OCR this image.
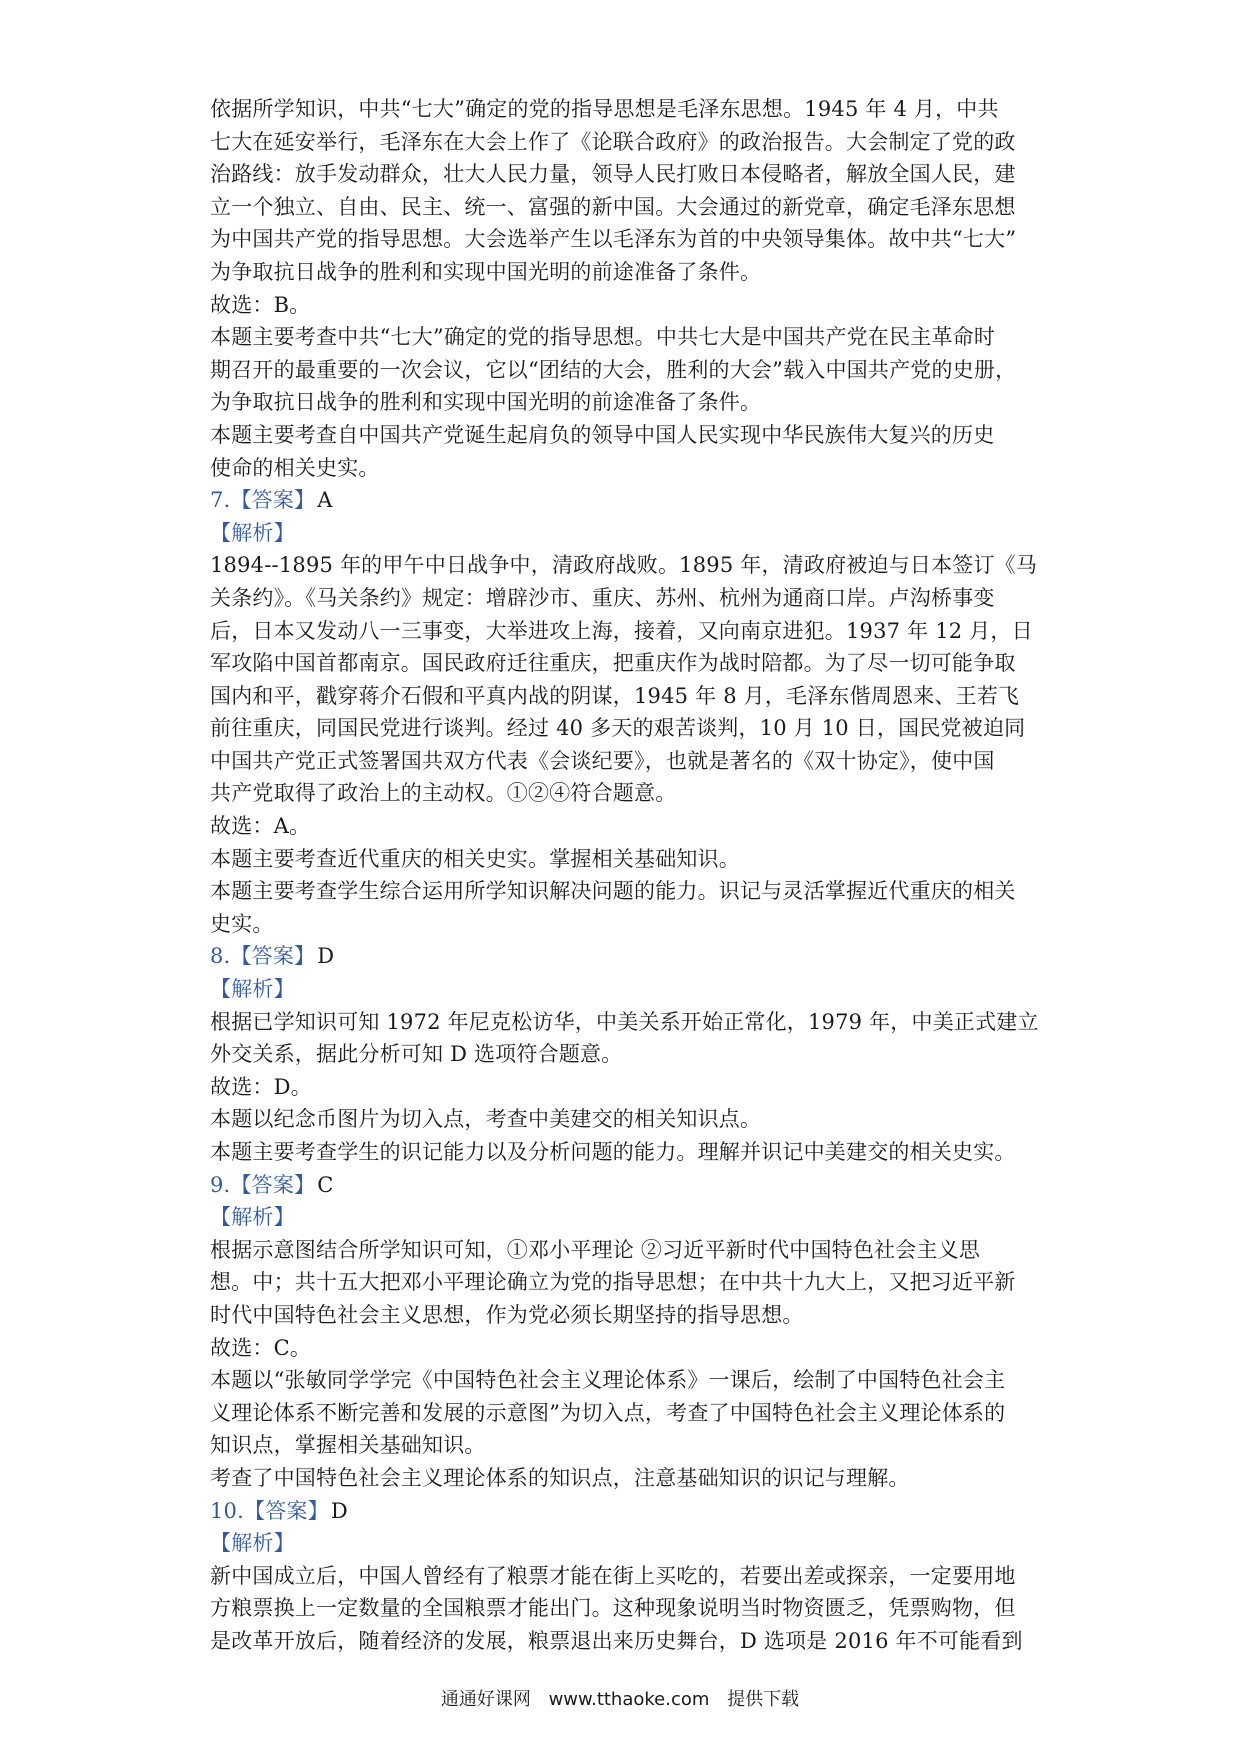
依据所学知识，中共“七大”确定的党的指导思想是毛泽东思想。1945 年 4 月，中共
七大在延安举行，毛泽东在大会上作了《论联合政府》的政治报告。大会制定了党的政
治路线：放手发动群众，壮大人民力量，领导人民打败日本侵略者，解放全国人民，建
立一个独立、自由、民主、统一、富强的新中国。大会通过的新党章，确定毛泽东思想
为中国共产党的指导思想。大会选举产生以毛泽东为首的中央领导集体。故中共“七大”
为争取抗日战争的胜利和实现中国光明的前途准备了条件。
故选：B。
本题主要考查中共“七大”确定的党的指导思想。中共七大是中国共产党在民主革命时
期召开的最重要的一次会议，它以“团结的大会，胜利的大会”载入中国共产党的史册，
为争取抗日战争的胜利和实现中国光明的前途准备了条件。
本题主要考查自中国共产党诞生起肩负的领导中国人民实现中华民族伟大复兴的历史
使命的相关史实。
7.【答案】A
【解析】
1894--1895 年的甲午中日战争中，清政府战败。1895 年，清政府被迫与日本签订《马
关条约》。《马关条约》规定：增辟沙市、重庆、苏州、杭州为通商口岸。卢沟桥事变
后，日本又发动八一三事变，大举进攻上海，接着，又向南京进犯。1937 年 12 月，日
军攻陷中国首都南京。国民政府迁往重庆，把重庆作为战时陪都。为了尽一切可能争取
国内和平，戳穿蒋介石假和平真内战的阴谋，1945 年 8 月，毛泽东偕周恩来、王若飞
前往重庆，同国民党进行谈判。经过 40 多天的艰苦谈判，10 月 10 日，国民党被迫同
中国共产党正式签署国共双方代表《会谈纪要》，也就是著名的《双十协定》，使中国
共产党取得了政治上的主动权。①②④符合题意。
故选：A。
本题主要考查近代重庆的相关史实。掌握相关基础知识。
本题主要考查学生综合运用所学知识解决问题的能力。识记与灵活掌握近代重庆的相关
史实。
8.【答案】D
【解析】
根据已学知识可知 1972 年尼克松访华，中美关系开始正常化，1979 年，中美正式建立
外交关系，据此分析可知 D 选项符合题意。
故选：D。
本题以纪念币图片为切入点，考查中美建交的相关知识点。
本题主要考查学生的识记能力以及分析问题的能力。理解并识记中美建交的相关史实。
9.【答案】C
【解析】
根据示意图结合所学知识可知，①邓小平理论 ②习近平新时代中国特色社会主义思
想。中；共十五大把邓小平理论确立为党的指导思想；在中共十九大上，又把习近平新
时代中国特色社会主义思想，作为党必须长期坚持的指导思想。
故选：C。
本题以“张敏同学学完《中国特色社会主义理论体系》一课后，绘制了中国特色社会主
义理论体系不断完善和发展的示意图”为切入点，考查了中国特色社会主义理论体系的
知识点，掌握相关基础知识。
考查了中国特色社会主义理论体系的知识点，注意基础知识的识记与理解。
10.【答案】D
【解析】
新中国成立后，中国人曾经有了粮票才能在街上买吃的，若要出差或探亲，一定要用地
方粮票换上一定数量的全国粮票才能出门。这种现象说明当时物资匮乏，凭票购物，但
是改革开放后，随着经济的发展，粮票退出来历史舞台，D 选项是 2016 年不可能看到
通通好课网 www.tthaoke.com 提供下载
